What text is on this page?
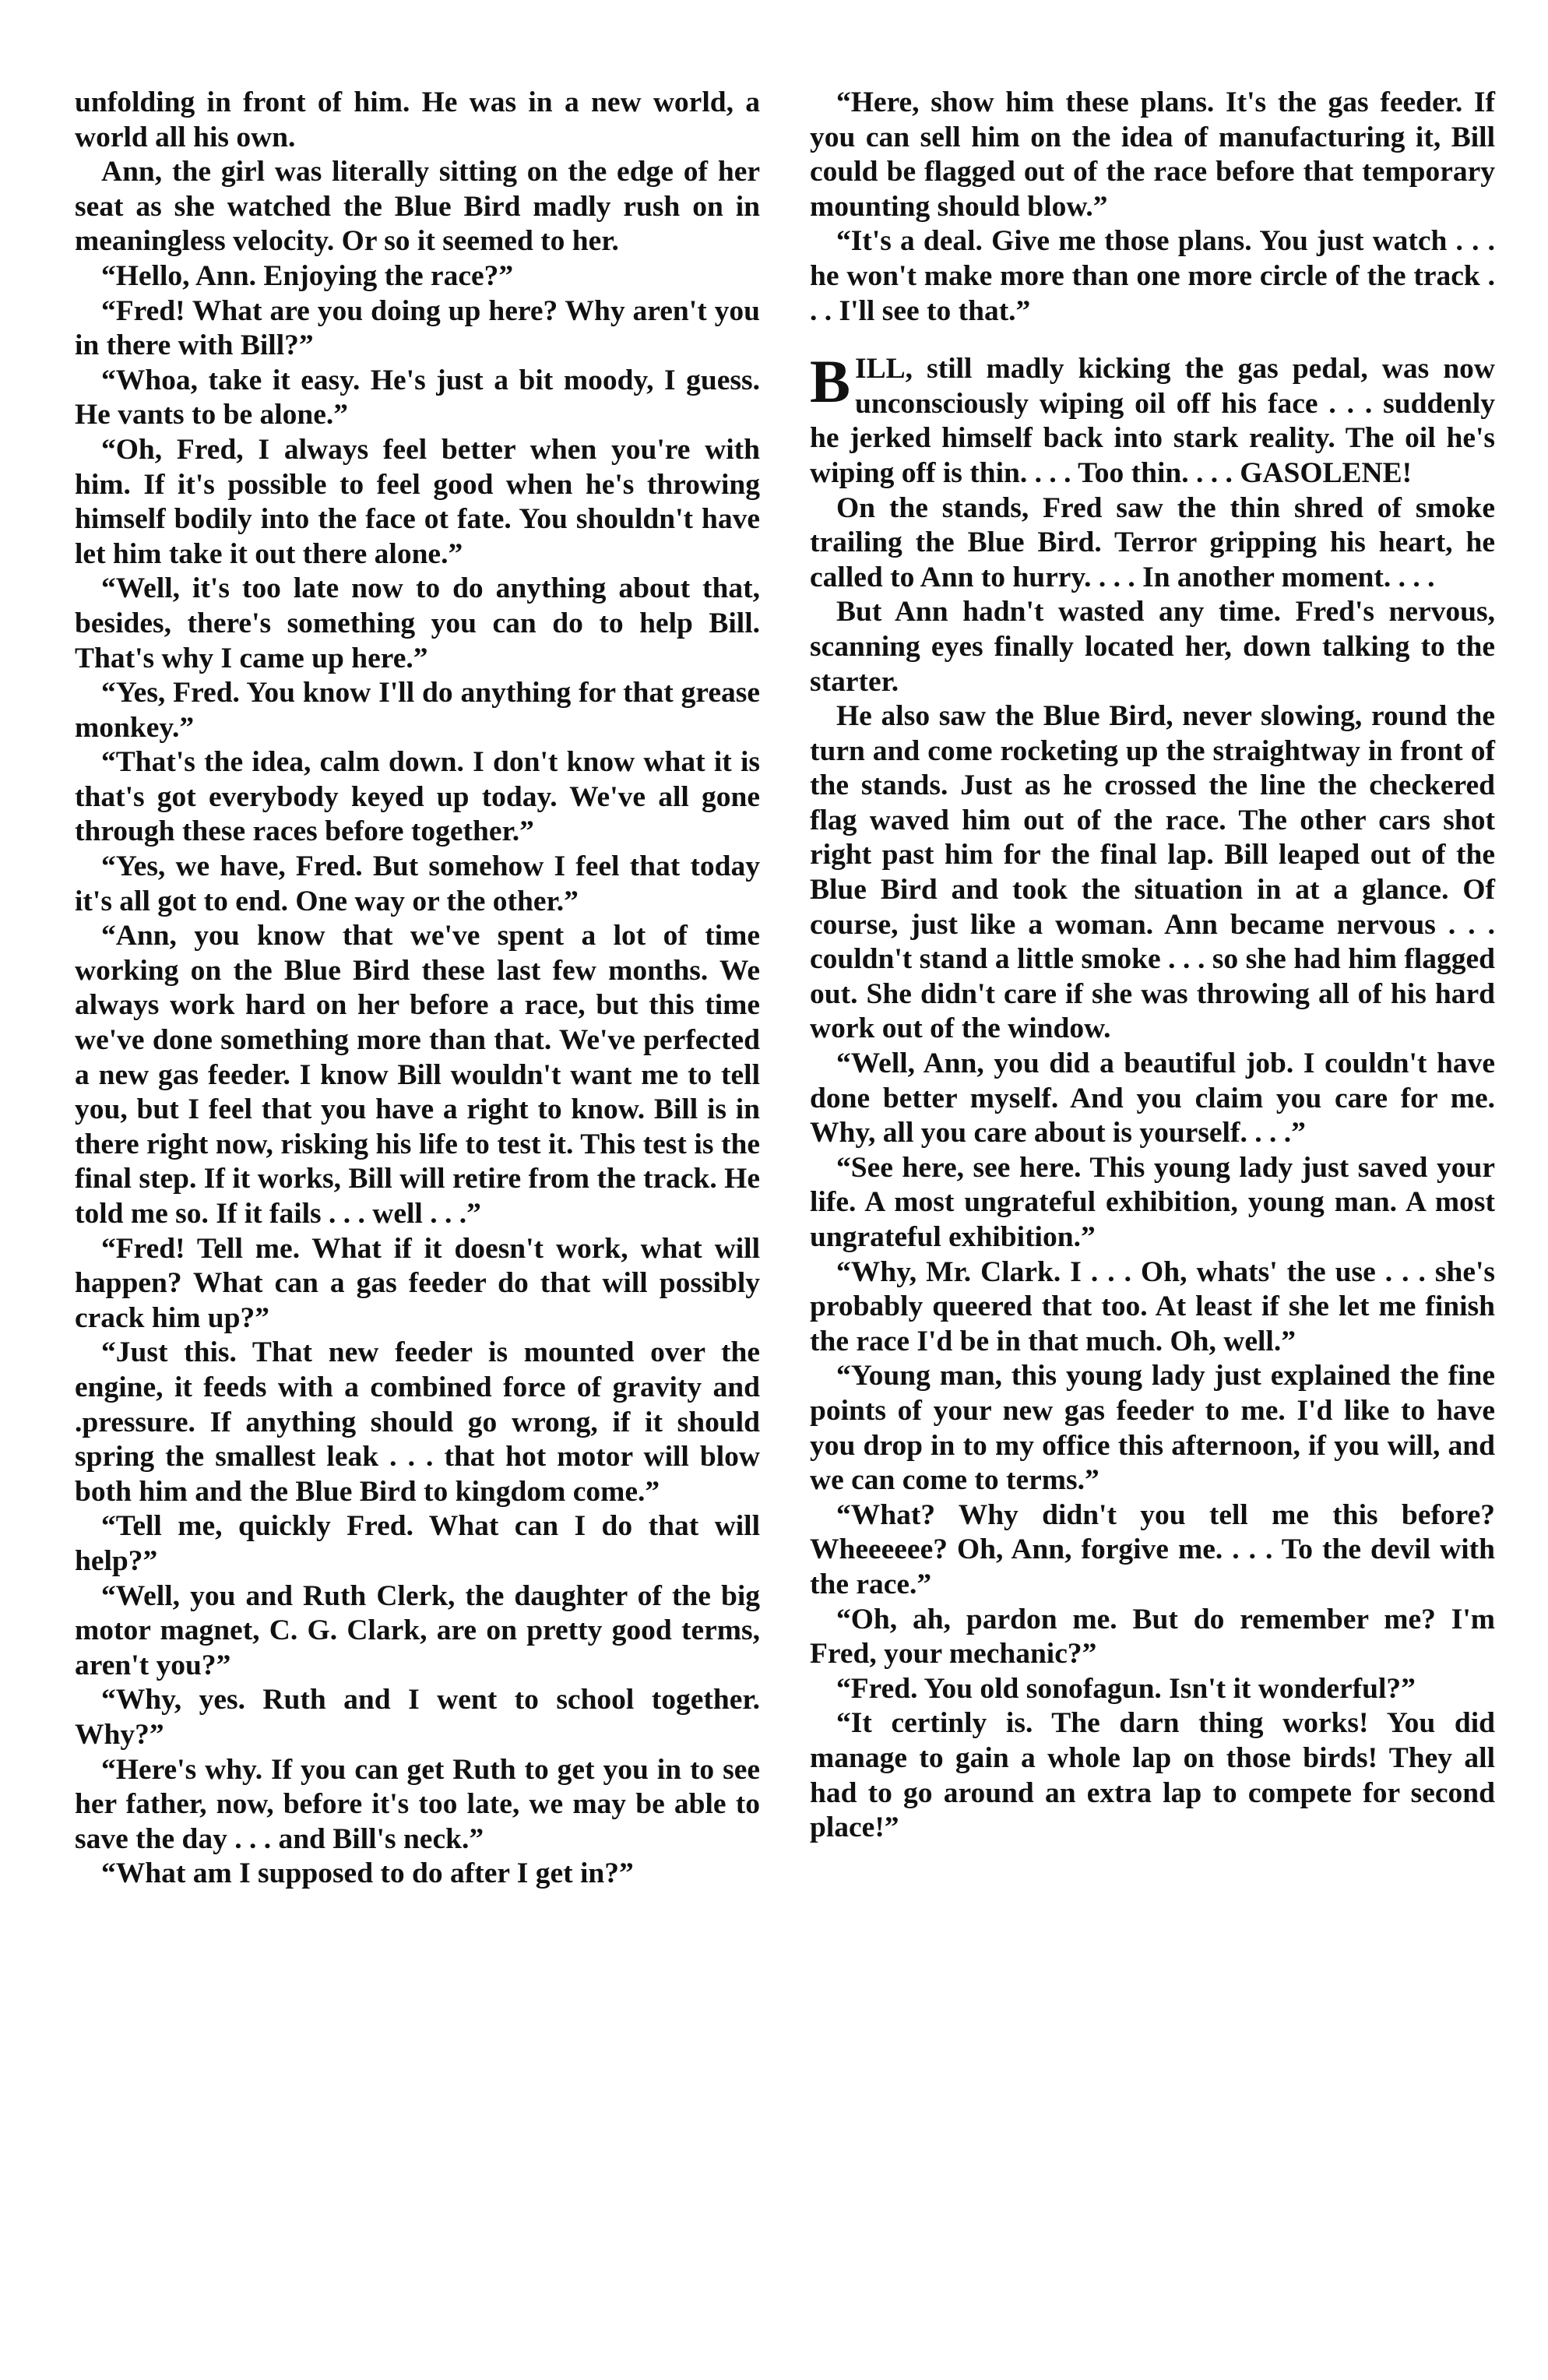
unfolding in front of him. He was in a new world, a world all his own.

Ann, the girl was literally sitting on the edge of her seat as she watched the Blue Bird madly rush on in meaningless velocity. Or so it seemed to her.

“Hello, Ann. Enjoying the race?”

“Fred! What are you doing up here? Why aren't you in there with Bill?”

“Whoa, take it easy. He's just a bit moody, I guess. He vants to be alone.”

“Oh, Fred, I always feel better when you're with him. If it's possible to feel good when he's throwing himself bodily into the face ot fate. You shouldn't have let him take it out there alone.”

“Well, it's too late now to do anything about that, besides, there's something you can do to help Bill. That's why I came up here.”

“Yes, Fred. You know I'll do anything for that grease monkey.”

“That's the idea, calm down. I don't know what it is that's got everybody keyed up today. We've all gone through these races before together.”

“Yes, we have, Fred. But somehow I feel that today it's all got to end. One way or the other.”

“Ann, you know that we've spent a lot of time working on the Blue Bird these last few months. We always work hard on her before a race, but this time we've done something more than that. We've perfected a new gas feeder. I know Bill wouldn't want me to tell you, but I feel that you have a right to know. Bill is in there right now, risking his life to test it. This test is the final step. If it works, Bill will retire from the track. He told me so. If it fails . . . well . . .”

“Fred! Tell me. What if it doesn't work, what will happen? What can a gas feeder do that will possibly crack him up?”

“Just this. That new feeder is mounted over the engine, it feeds with a combined force of gravity and .pressure. If anything should go wrong, if it should spring the smallest leak . . . that hot motor will blow both him and the Blue Bird to kingdom come.”

“Tell me, quickly Fred. What can I do that will help?”

“Well, you and Ruth Clerk, the daughter of the big motor magnet, C. G. Clark, are on pretty good terms, aren't you?”

“Why, yes. Ruth and I went to school together. Why?”

“Here's why. If you can get Ruth to get you in to see her father, now, before it's too late, we may be able to save the day . . . and Bill's neck.”

“What am I supposed to do after I get in?”

“Here, show him these plans. It's the gas feeder. If you can sell him on the idea of manufacturing it, Bill could be flagged out of the race before that temporary mounting should blow.”

“It's a deal. Give me those plans. You just watch . . . he won't make more than one more circle of the track . . . I'll see to that.”

BILL, still madly kicking the gas pedal, was now unconsciously wiping oil off his face . . . suddenly he jerked himself back into stark reality. The oil he's wiping off is thin. . . . Too thin. . . . GASOLENE!

On the stands, Fred saw the thin shred of smoke trailing the Blue Bird. Terror gripping his heart, he called to Ann to hurry. . . . In another moment. . . .

But Ann hadn't wasted any time. Fred's nervous, scanning eyes finally located her, down talking to the starter.

He also saw the Blue Bird, never slowing, round the turn and come rocketing up the straightway in front of the stands. Just as he crossed the line the checkered flag waved him out of the race. The other cars shot right past him for the final lap. Bill leaped out of the Blue Bird and took the situation in at a glance. Of course, just like a woman. Ann became nervous . . . couldn't stand a little smoke . . . so she had him flagged out. She didn't care if she was throwing all of his hard work out of the window.

“Well, Ann, you did a beautiful job. I couldn't have done better myself. And you claim you care for me. Why, all you care about is yourself. . . .”

“See here, see here. This young lady just saved your life. A most ungrateful exhibition, young man. A most ungrateful exhibition.”

“Why, Mr. Clark. I . . . Oh, whats' the use . . . she's probably queered that too. At least if she let me finish the race I'd be in that much. Oh, well.”

“Young man, this young lady just explained the fine points of your new gas feeder to me. I'd like to have you drop in to my office this afternoon, if you will, and we can come to terms.”

“What? Why didn't you tell me this before? Wheeeeee? Oh, Ann, forgive me. . . . To the devil with the race.”

“Oh, ah, pardon me. But do remember me? I'm Fred, your mechanic?”

“Fred. You old sonofagun. Isn't it wonderful?”

“It certinly is. The darn thing works! You did manage to gain a whole lap on those birds! They all had to go around an extra lap to compete for second place!”
